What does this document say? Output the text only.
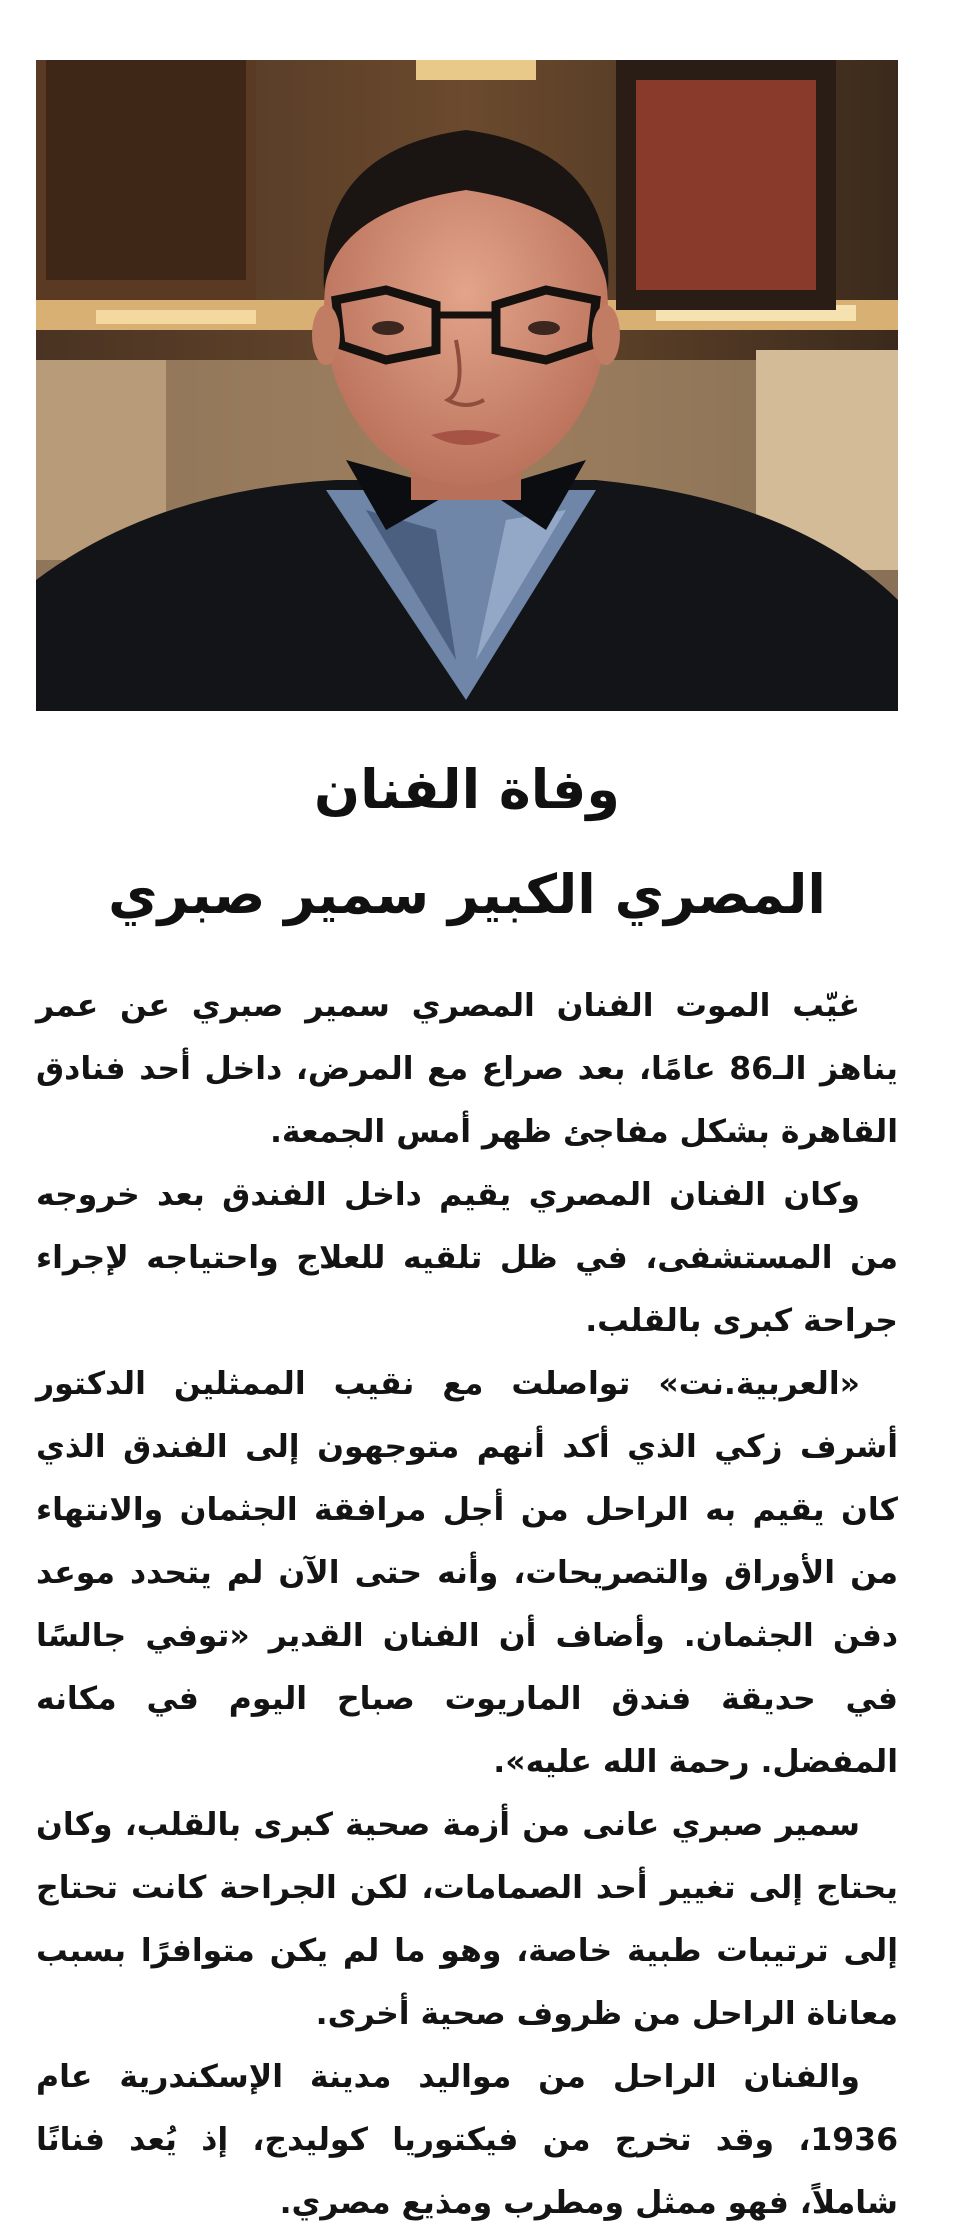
وفاة الفنان
المصري الكبير سمير صبري

غيّب الموت الفنان المصري سمير صبري عن عمر يناهز الـ86 عامًا، بعد صراع مع المرض، داخل أحد فنادق القاهرة بشكل مفاجئ ظهر أمس الجمعة.

وكان الفنان المصري يقيم داخل الفندق بعد خروجه من المستشفى، في ظل تلقيه للعلاج واحتياجه لإجراء جراحة كبرى بالقلب.

«العربية.نت» تواصلت مع نقيب الممثلين الدكتور أشرف زكي الذي أكد أنهم متوجهون إلى الفندق الذي كان يقيم به الراحل من أجل مرافقة الجثمان والانتهاء من الأوراق والتصريحات، وأنه حتى الآن لم يتحدد موعد دفن الجثمان. وأضاف أن الفنان القدير «توفي جالسًا في حديقة فندق الماريوت صباح اليوم في مكانه المفضل. رحمة الله عليه».

سمير صبري عانى من أزمة صحية كبرى بالقلب، وكان يحتاج إلى تغيير أحد الصمامات، لكن الجراحة كانت تحتاج إلى ترتيبات طبية خاصة، وهو ما لم يكن متوافرًا بسبب معاناة الراحل من ظروف صحية أخرى.

والفنان الراحل من مواليد مدينة الإسكندرية عام 1936، وقد تخرج من فيكتوريا كوليدج، إذ يُعد فنانًا شاملاً، فهو ممثل ومطرب ومذيع مصري.
